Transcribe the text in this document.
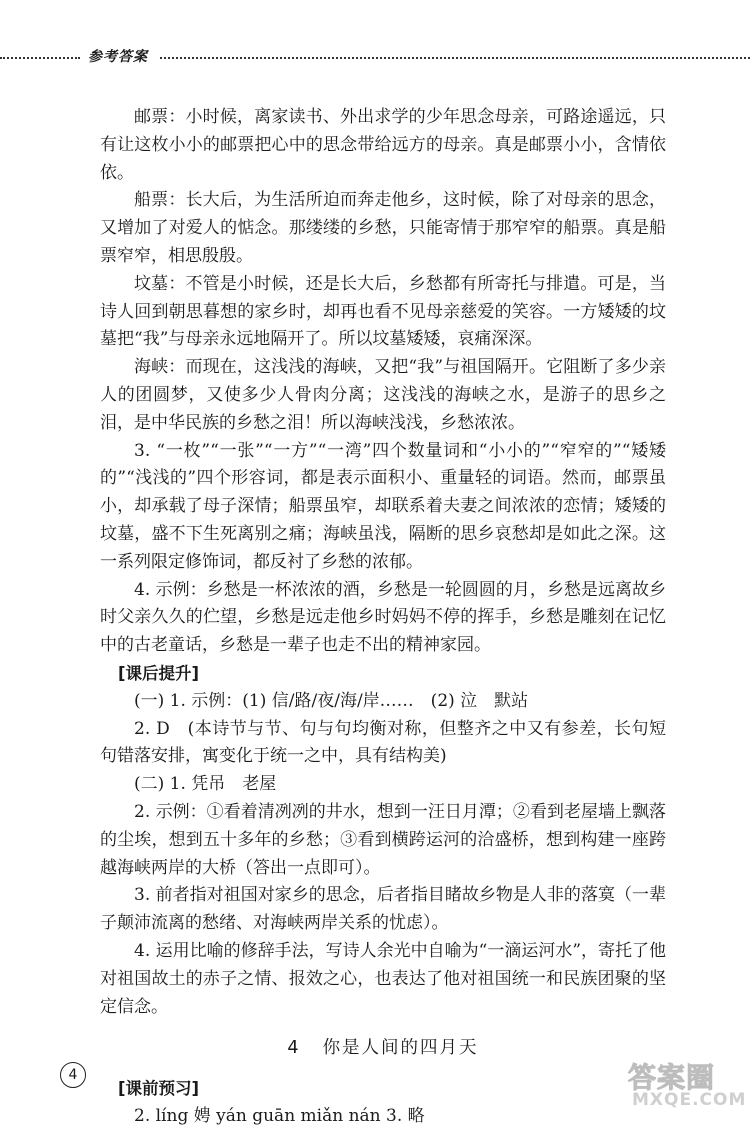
参考答案

邮票：小时候，离家读书、外出求学的少年思念母亲，可路途遥远，只有让这枚小小的邮票把心中的思念带给远方的母亲。真是邮票小小，含情依依。

船票：长大后，为生活所迫而奔走他乡，这时候，除了对母亲的思念，又增加了对爱人的惦念。那缕缕的乡愁，只能寄情于那窄窄的船票。真是船票窄窄，相思殷殷。

坟墓：不管是小时候，还是长大后，乡愁都有所寄托与排遣。可是，当诗人回到朝思暮想的家乡时，却再也看不见母亲慈爱的笑容。一方矮矮的坟墓把“我”与母亲永远地隔开了。所以坟墓矮矮，哀痛深深。

海峡：而现在，这浅浅的海峡，又把“我”与祖国隔开。它阻断了多少亲人的团圆梦，又使多少人骨肉分离；这浅浅的海峡之水，是游子的思乡之泪，是中华民族的乡愁之泪！所以海峡浅浅，乡愁浓浓。

3. “一枚”“一张”“一方”“一湾”四个数量词和“小小的”“窄窄的”“矮矮的”“浅浅的”四个形容词，都是表示面积小、重量轻的词语。然而，邮票虽小，却承载了母子深情；船票虽窄，却联系着夫妻之间浓浓的恋情；矮矮的坟墓，盛不下生死离别之痛；海峡虽浅，隔断的思乡哀愁却是如此之深。这一系列限定修饰词，都反衬了乡愁的浓郁。

4. 示例：乡愁是一杯浓浓的酒，乡愁是一轮圆圆的月，乡愁是远离故乡时父亲久久的伫望，乡愁是远走他乡时妈妈不停的挥手，乡愁是雕刻在记忆中的古老童话，乡愁是一辈子也走不出的精神家园。

[课后提升]

(一) 1. 示例：(1) 信/路/夜/海/岸……　(2) 泣　默站

2. D　(本诗节与节、句与句均衡对称，但整齐之中又有参差，长句短句错落安排，寓变化于统一之中，具有结构美)

(二) 1. 凭吊　老屋

2. 示例：①看着清冽冽的井水，想到一汪日月潭；②看到老屋墙上飘落的尘埃，想到五十多年的乡愁；③看到横跨运河的洽盛桥，想到构建一座跨越海峡两岸的大桥（答出一点即可）。

3. 前者指对祖国对家乡的思念，后者指目睹故乡物是人非的落寞（一辈子颠沛流离的愁绪、对海峡两岸关系的忧虑）。

4. 运用比喻的修辞手法，写诗人余光中自喻为“一滴运河水”，寄托了他对祖国故土的赤子之情、报效之心，也表达了他对祖国统一和民族团聚的坚定信念。

4 你是人间的四月天

[课前预习]

2. líng 娉 yán guān miǎn nán 3. 略

4	答案圈
MXQE.COM
